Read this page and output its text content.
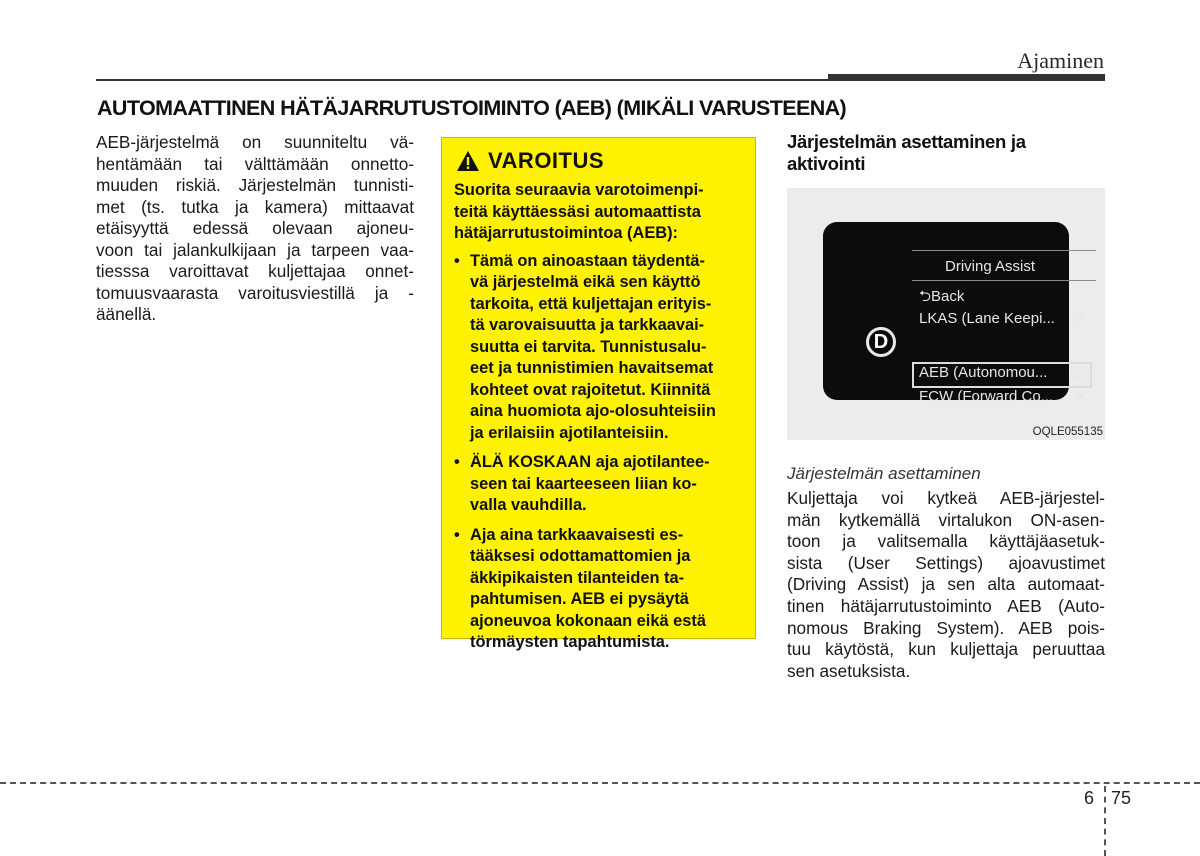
Ajaminen
AUTOMAATTINEN HÄTÄJARRUTUSTOIMINTO (AEB) (MIKÄLI VARUSTEENA)
AEB-järjestelmä on suunniteltu vä-
hentämään tai välttämään onnetto-
muuden riskiä. Järjestelmän tunnisti-
met (ts. tutka ja kamera) mittaavat
etäisyyttä edessä olevaan ajoneu-
voon tai jalankulkijaan ja tarpeen vaa-
tiesssa varoittavat kuljettajaa onnet-
tomuusvaarasta varoitusviestillä ja -
äänellä.
VAROITUS
Suorita seuraavia varotoimenpi-
teitä käyttäessäsi automaattista
hätäjarrutustoimintoa (AEB):
• Tämä on ainoastaan täydentä-
vä järjestelmä eikä sen käyttö
tarkoita, että kuljettajan erityis-
tä varovaisuutta ja tarkkaavai-
suutta ei tarvita. Tunnistusalu-
eet ja tunnistimien havaitsemat
kohteet ovat rajoitetut. Kiinnitä
aina huomiota ajo-olosuhteisiin
ja erilaisiin ajotilanteisiin.
• ÄLÄ KOSKAAN aja ajotilantee-
seen tai kaarteeseen liian ko-
valla vauhdilla.
• Aja aina tarkkaavaisesti es-
tääksesi odottamattomien ja
äkkipikaisten tilanteiden ta-
pahtumisen. AEB ei pysäytä
ajoneuvoa kokonaan eikä estä
törmäysten tapahtumista.
Järjestelmän asettaminen ja
aktivointi
D
Driving Assist
⮌Back
LKAS (Lane Keepi... >
AEB (Autonomou... ☑
FCW (Forward Co... >
OQLE055135
Järjestelmän asettaminen
Kuljettaja voi kytkeä AEB-järjestel-
män kytkemällä virtalukon ON-asen-
toon ja valitsemalla käyttäjäasetuk-
sista (User Settings) ajoavustimet
(Driving Assist) ja sen alta automaat-
tinen hätäjarrutustoiminto AEB (Auto-
nomous Braking System). AEB pois-
tuu käytöstä, kun kuljettaja peruuttaa
sen asetuksista.
6 75
